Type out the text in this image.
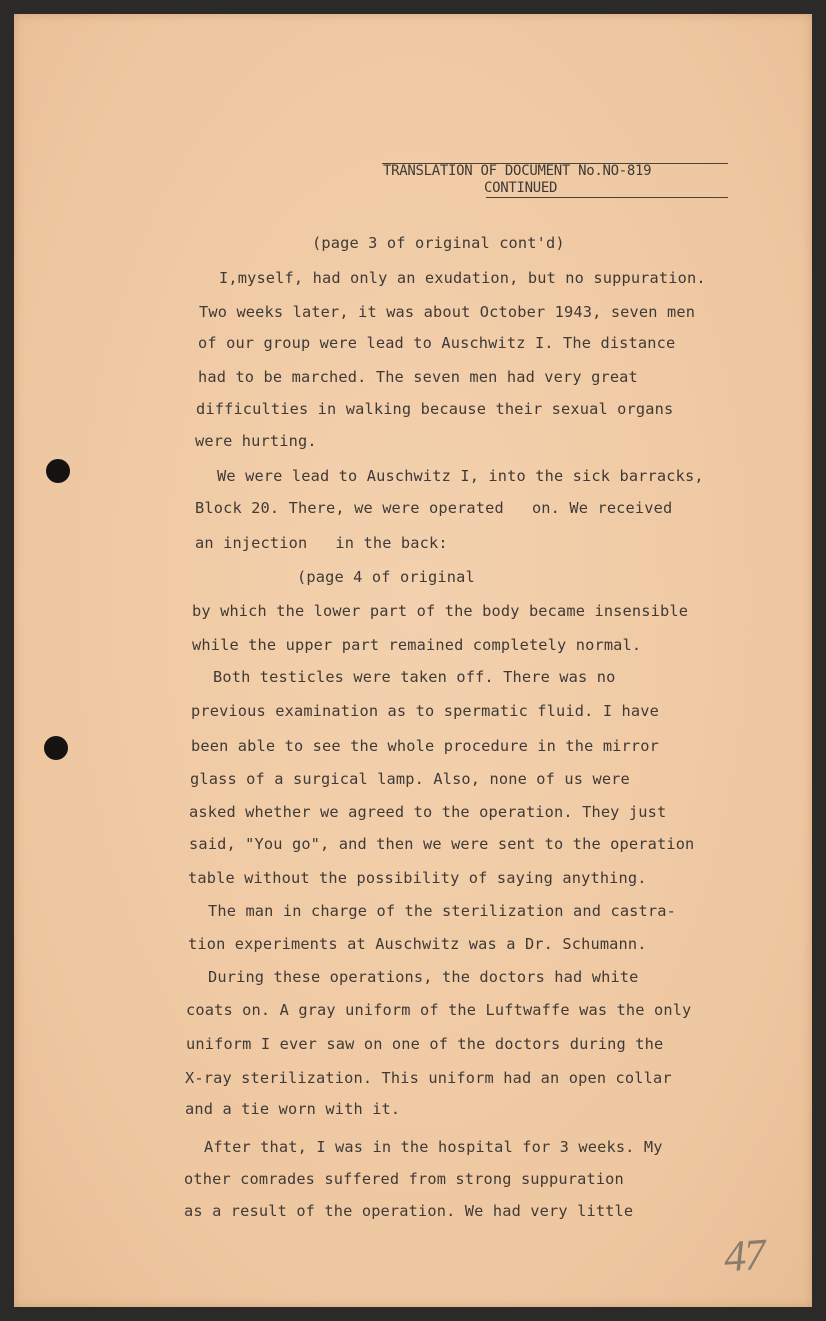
TRANSLATION OF DOCUMENT No.NO-819

CONTINUED

(page 3 of original cont'd)

I,myself, had only an exudation, but no suppuration.

Two weeks later, it was about October 1943, seven men

of our group were lead to Auschwitz I. The distance

had to be marched. The seven men had very great

difficulties in walking because their sexual organs

were hurting.

We were lead to Auschwitz I, into the sick barracks,

Block 20. There, we were operated   on. We received

an injection   in the back:

(page 4 of original

by which the lower part of the body became insensible

while the upper part remained completely normal.

Both testicles were taken off. There was no

previous examination as to spermatic fluid. I have

been able to see the whole procedure in the mirror

glass of a surgical lamp. Also, none of us were

asked whether we agreed to the operation. They just

said, "You go", and then we were sent to the operation

table without the possibility of saying anything.

The man in charge of the sterilization and castra-

tion experiments at Auschwitz was a Dr. Schumann.

During these operations, the doctors had white

coats on. A gray uniform of the Luftwaffe was the only

uniform I ever saw on one of the doctors during the

X-ray sterilization. This uniform had an open collar

and a tie worn with it.

After that, I was in the hospital for 3 weeks. My

other comrades suffered from strong suppuration

as a result of the operation. We had very little

47
